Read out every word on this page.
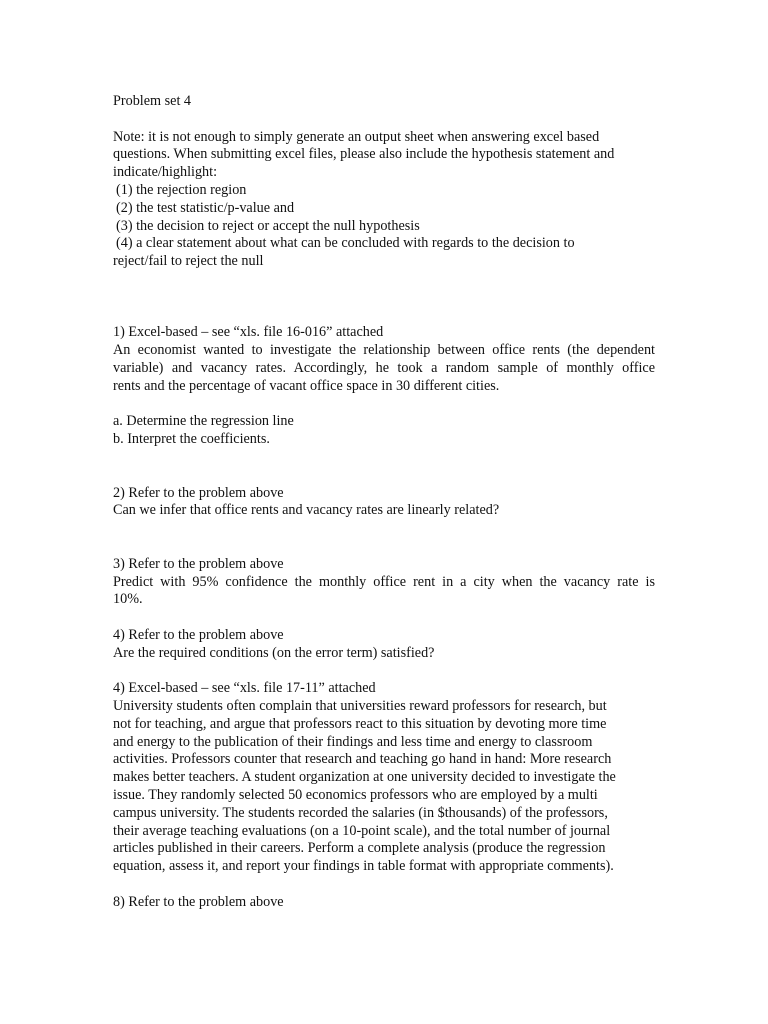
Problem set 4
Note: it is not enough to simply generate an output sheet when answering excel based
questions. When submitting excel files, please also include the hypothesis statement and
indicate/highlight:
(1) the rejection region
(2) the test statistic/p-value and
(3) the decision to reject or accept the null hypothesis
(4) a clear statement about what can be concluded with regards to the decision to
reject/fail to reject the null
1) Excel-based – see “xls. file 16-016” attached
An economist wanted to investigate the relationship between office rents (the dependent
variable) and vacancy rates. Accordingly, he took a random sample of monthly office
rents and the percentage of vacant office space in 30 different cities.
a. Determine the regression line
b. Interpret the coefficients.
2) Refer to the problem above
Can we infer that office rents and vacancy rates are linearly related?
3) Refer to the problem above
Predict with 95% confidence the monthly office rent in a city when the vacancy rate is
10%.
4) Refer to the problem above
Are the required conditions (on the error term) satisfied?
4) Excel-based – see “xls. file 17-11” attached
University students often complain that universities reward professors for research, but
not for teaching, and argue that professors react to this situation by devoting more time
and energy to the publication of their findings and less time and energy to classroom
activities. Professors counter that research and teaching go hand in hand: More research
makes better teachers. A student organization at one university decided to investigate the
issue. They randomly selected 50 economics professors who are employed by a multi
campus university. The students recorded the salaries (in $thousands) of the professors,
their average teaching evaluations (on a 10-point scale), and the total number of journal
articles published in their careers. Perform a complete analysis (produce the regression
equation, assess it, and report your findings in table format with appropriate comments).
8) Refer to the problem above
